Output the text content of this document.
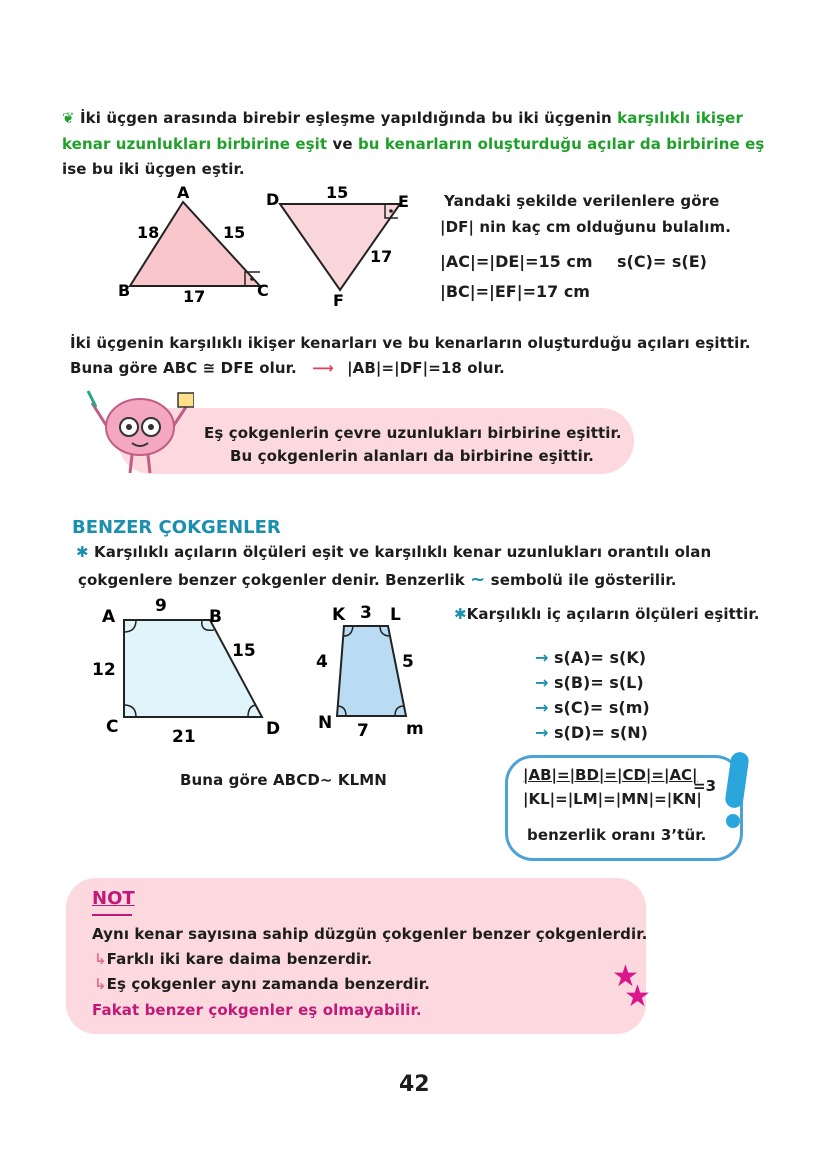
❦ İki üçgen arasında birebir eşleşme yapıldığında bu iki üçgenin karşılıklı ikişer
kenar uzunlukları birbirine eşit ve bu kenarların oluşturduğu açılar da birbirine eş
ise bu iki üçgen eştir.
A
B	C
18	15
17
D	E
F
15
17
Yandaki şekilde verilenlere göre
|DF| nin kaç cm olduğunu bulalım.
|AC|=|DE|=15 cm s(C)= s(E)
|BC|=|EF|=17 cm
İki üçgenin karşılıklı ikişer kenarları ve bu kenarların oluşturduğu açıları eşittir.
Buna göre ABC ≅ DFE olur. ⟶ |AB|=|DF|=18 olur.
Eş çokgenlerin çevre uzunlukları birbirine eşittir.
Bu çokgenlerin alanları da birbirine eşittir.
BENZER ÇOKGENLER
✱ Karşılıklı açıların ölçüleri eşit ve karşılıklı kenar uzunlukları orantılı olan
çokgenlere benzer çokgenler denir. Benzerlik ~ sembolü ile gösterilir.
A	B
C	D
9
15
12
21
K	L
m
N
3
5
4
7
Buna göre ABCD∼ KLMN
✱Karşılıklı iç açıların ölçüleri eşittir.
→ s(A)= s(K)
→ s(B)= s(L)
→ s(C)= s(m)
→ s(D)= s(N)
|AB|=|BD|=|CD|=|AC|
|KL|=|LM|=|MN|=|KN|
=3
benzerlik oranı 3’tür.
NOT
Aynı kenar sayısına sahip düzgün çokgenler benzer çokgenlerdir.
↳Farklı iki kare daima benzerdir.
↳Eş çokgenler aynı zamanda benzerdir.
Fakat benzer çokgenler eş olmayabilir.
★
★
42
